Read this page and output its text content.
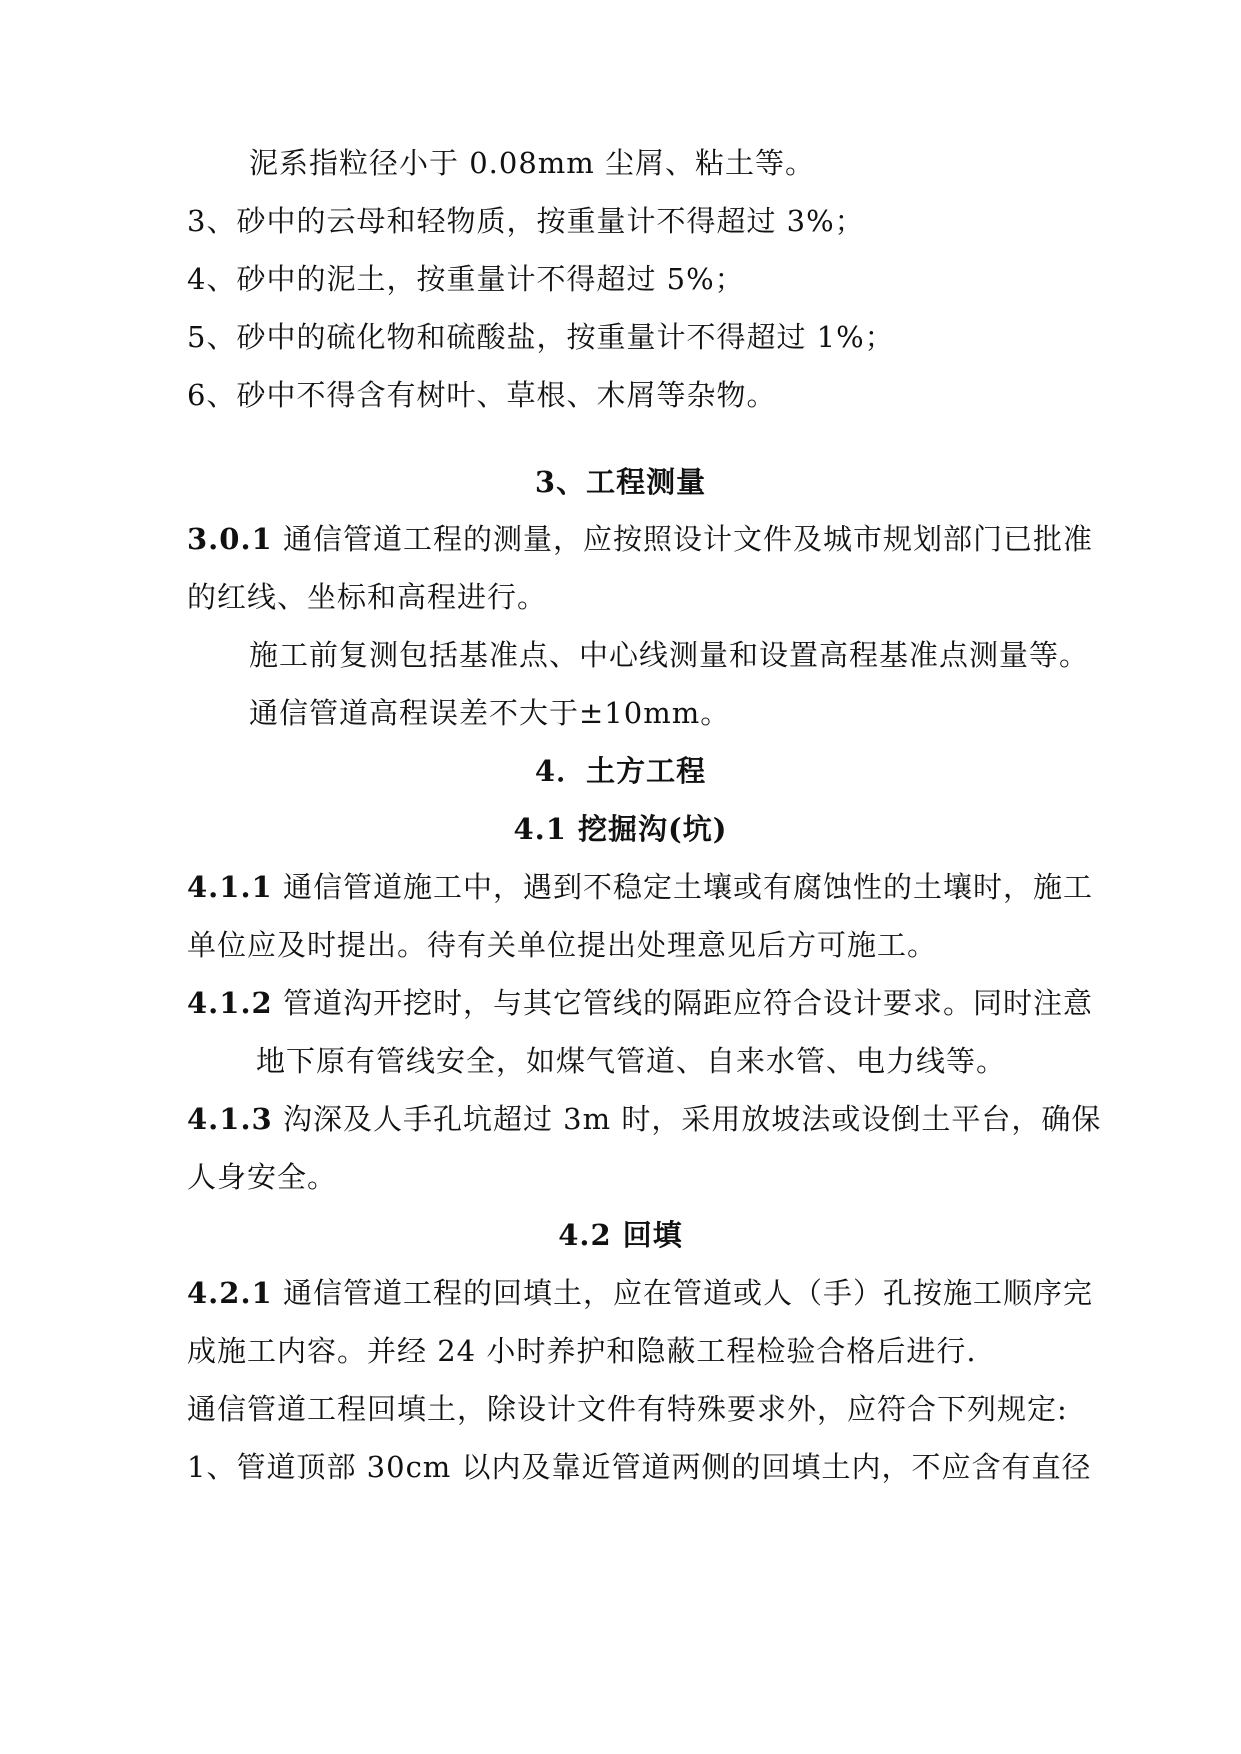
泥系指粒径小于 0.08mm 尘屑、粘土等。
3、砂中的云母和轻物质，按重量计不得超过 3%；
4、砂中的泥土，按重量计不得超过 5%；
5、砂中的硫化物和硫酸盐，按重量计不得超过 1%；
6、砂中不得含有树叶、草根、木屑等杂物。
3、工程测量
3.0.1 通信管道工程的测量，应按照设计文件及城市规划部门已批准
的红线、坐标和高程进行。
施工前复测包括基准点、中心线测量和设置高程基准点测量等。
通信管道高程误差不大于±10mm。
4．土方工程
4.1 挖掘沟(坑)
4.1.1 通信管道施工中，遇到不稳定土壤或有腐蚀性的土壤时，施工
单位应及时提出。待有关单位提出处理意见后方可施工。
4.1.2 管道沟开挖时，与其它管线的隔距应符合设计要求。同时注意
地下原有管线安全，如煤气管道、自来水管、电力线等。
4.1.3 沟深及人手孔坑超过 3m 时，采用放坡法或设倒土平台，确保
人身安全。
4.2 回填
4.2.1 通信管道工程的回填土，应在管道或人（手）孔按施工顺序完
成施工内容。并经 24 小时养护和隐蔽工程检验合格后进行.
通信管道工程回填土，除设计文件有特殊要求外，应符合下列规定:
1、管道顶部 30cm 以内及靠近管道两侧的回填土内，不应含有直径
